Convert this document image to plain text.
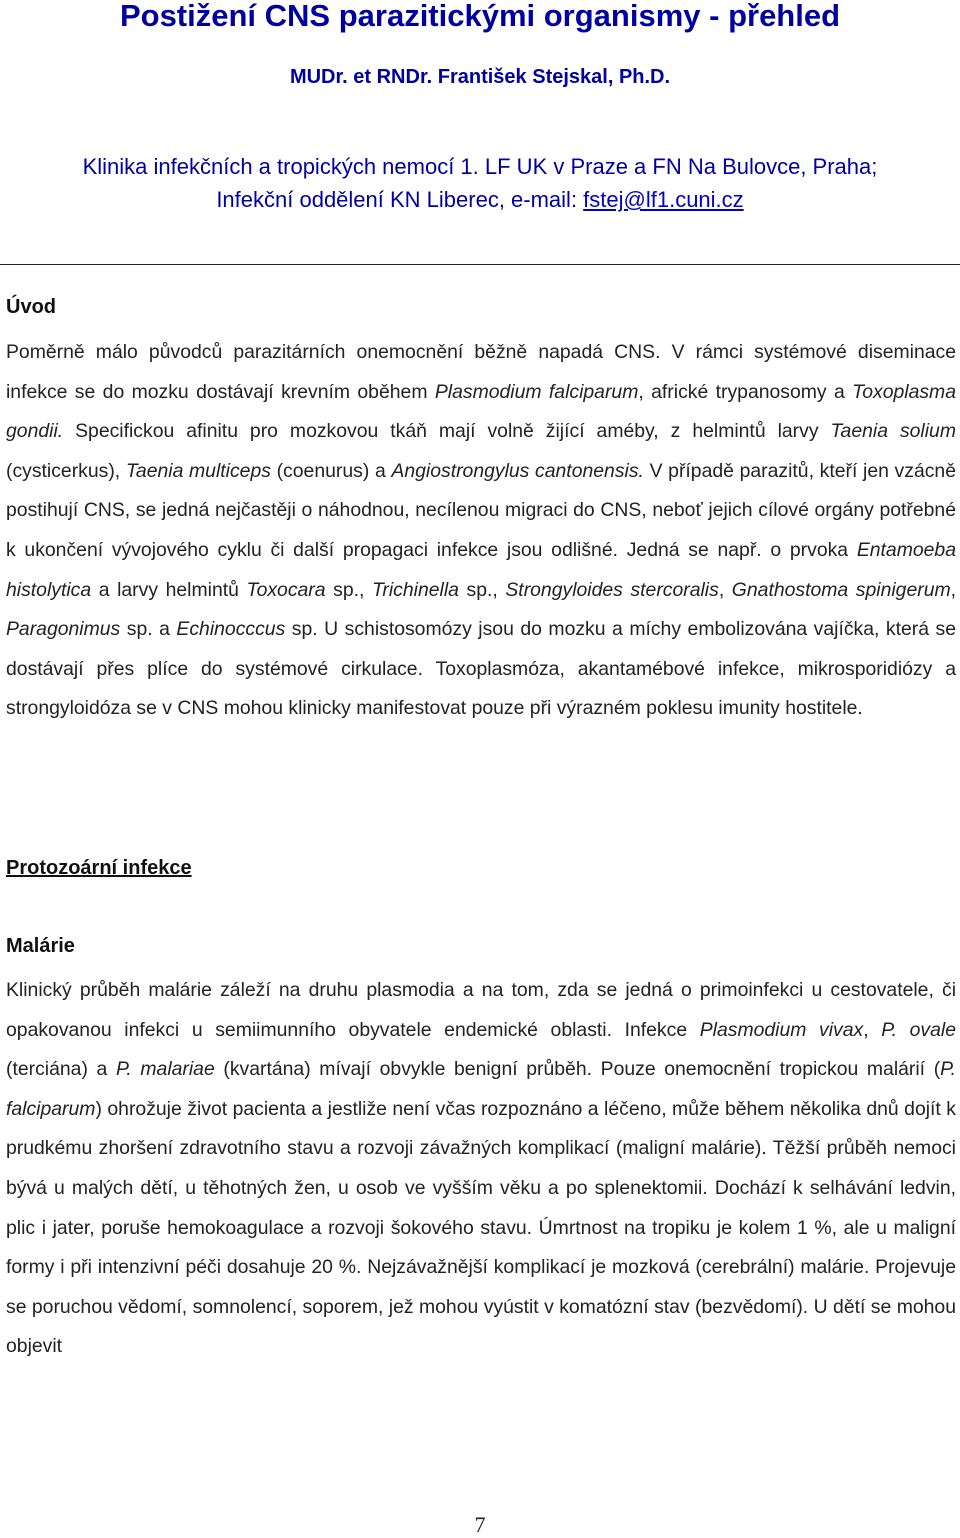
Postižení CNS parazitickými organismy - přehled
MUDr. et RNDr. František Stejskal, Ph.D.
Klinika infekčních a tropických nemocí 1. LF UK v Praze a FN Na Bulovce, Praha;
Infekční oddělení KN Liberec, e-mail: fstej@lf1.cuni.cz
Úvod

Poměrně málo původců parazitárních onemocnění běžně napadá CNS. V rámci systémové diseminace infekce se do mozku dostávají krevním oběhem Plasmodium falciparum, africké trypanosomy a Toxoplasma gondii. Specifickou afinitu pro mozkovou tkáň mají volně žijící améby, z helmintů larvy Taenia solium (cysticerkus), Taenia multiceps (coenurus) a Angiostrongylus cantonensis. V případě parazitů, kteří jen vzácně postihují CNS, se jedná nejčastěji o náhodnou, necílenou migraci do CNS, neboť jejich cílové orgány potřebné k ukončení vývojového cyklu či další propagaci infekce jsou odlišné. Jedná se např. o prvoka Entamoeba histolytica a larvy helmintů Toxocara sp., Trichinella sp., Strongyloides stercoralis, Gnathostoma spinigerum, Paragonimus sp. a Echinocccus sp. U schistosomózy jsou do mozku a míchy embolizována vajíčka, která se dostávají přes plíce do systémové cirkulace. Toxoplasmóza, akantamébové infekce, mikrosporidiózy a strongyloidóza se v CNS mohou klinicky manifestovat pouze při výrazném poklesu imunity hostitele.

Protozoární infekce
Malárie

Klinický průběh malárie záleží na druhu plasmodia a na tom, zda se jedná o primoinfekci u cestovatele, či opakovanou infekci u semiimunního obyvatele endemické oblasti. Infekce Plasmodium vivax, P. ovale (terciána) a P. malariae (kvartána) mívají obvykle benigní průběh. Pouze onemocnění tropickou malárií (P. falciparum) ohrožuje život pacienta a jestliže není včas rozpoznáno a léčeno, může během několika dnů dojít k prudkému zhoršení zdravotního stavu a rozvoji závažných komplikací (maligní malárie). Těžší průběh nemoci bývá u malých dětí, u těhotných žen, u osob ve vyšším věku a po splenektomii. Dochází k selhávání ledvin, plic i jater, poruše hemokoagulace a rozvoji šokového stavu. Úmrtnost na tropiku je kolem 1 %, ale u maligní formy i při intenzivní péči dosahuje 20 %. Nejzávažnější komplikací je mozková (cerebrální) malárie. Projevuje se poruchou vědomí, somnolencí, soporem, jež mohou vyústit v komatózní stav (bezvědomí). U dětí se mohou objevit

7
